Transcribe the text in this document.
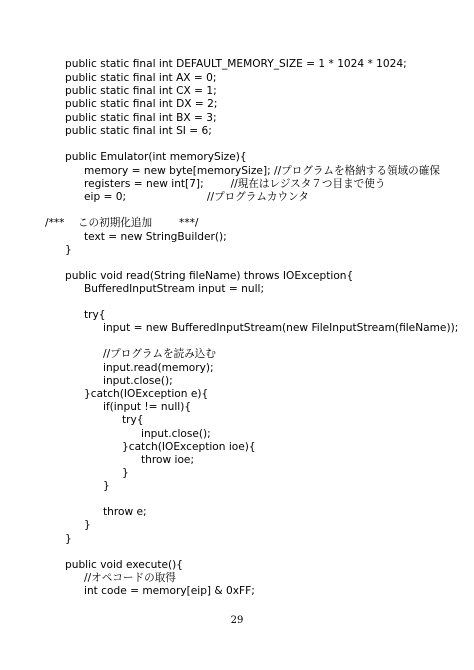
public static final int DEFAULT_MEMORY_SIZE = 1 * 1024 * 1024;
public static final int AX = 0;
public static final int CX = 1;
public static final int DX = 2;
public static final int BX = 3;
public static final int SI = 6;
public Emulator(int memorySize){
memory = new byte[memorySize]; //プログラムを格納する領域の確保
registers = new int[7];        //現在はレジスタ７つ目まで使う
eip = 0;                        //プログラムカウンタ
/***    この初期化追加        ***/
text = new StringBuilder();
}
public void read(String fileName) throws IOException{
BufferedInputStream input = null;
try{
input = new BufferedInputStream(new FileInputStream(fileName));
//プログラムを読み込む
input.read(memory);
input.close();
}catch(IOException e){
if(input != null){
try{
input.close();
}catch(IOException ioe){
throw ioe;
}
}
throw e;
}
}
public void execute(){
//オペコードの取得
int code = memory[eip] & 0xFF;
29
